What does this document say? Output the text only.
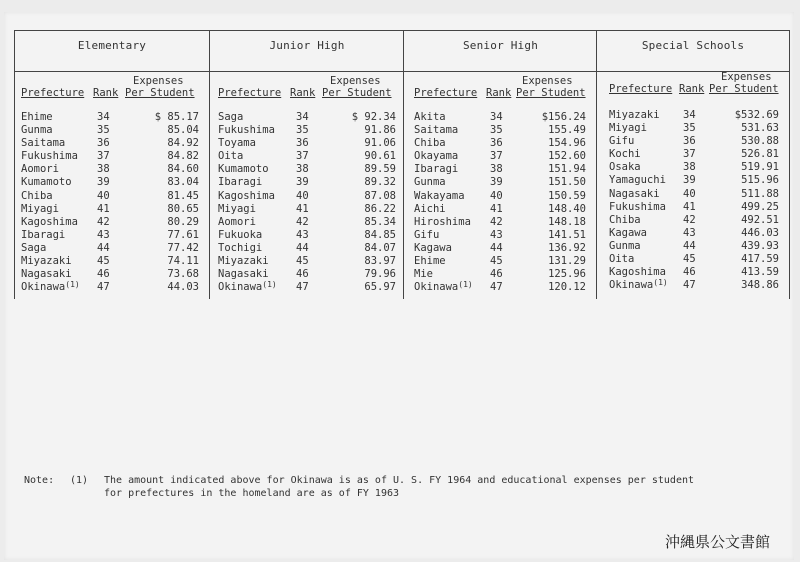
Elementary
Expenses
Prefecture Rank Per Student
Ehime	34	$ 85.17
Gunma	35	85.04
Saitama	36	84.92
Fukushima 37	84.82
Aomori	38	84.60
Kumamoto 39	83.04
Chiba	40	81.45
Miyagi	41	80.65
Kagoshima 42	80.29
Ibaragi	43	77.61
Saga	44	77.42
Miyazaki 45	74.11
Nagasaki 46	73.68
Okinawa$^{(1)}$ 47	44.03
Junior High
Expenses
Prefecture Rank Per Student
Saga	34	$ 92.34
Fukushima 35	91.86
Toyama	36	91.06
Oita	37	90.61
Kumamoto	38	89.59
Ibaragi	39	89.32
Kagoshima 40	87.08
Miyagi	41	86.22
Aomori	42	85.34
Fukuoka	43	84.85
Tochigi	44	84.07
Miyazaki	45	83.97
Nagasaki	46	79.96
Okinawa$^{(1)}$ 47	65.97
Senior High
Expenses
Prefecture Rank Per Student
Akita	34	$156.24
Saitama	35	155.49
Chiba	36	154.96
Okayama	37	152.60
Ibaragi	38	151.94
Gunma	39	151.50
Wakayama 40	150.59
Aichi	41	148.40
Hiroshima 42	148.18
Gifu	43	141.51
Kagawa	44	136.92
Ehime	45	131.29
Mie	46	125.96
Okinawa$^{(1)}$ 47	120.12
Special Schools
Expenses
Prefecture Rank Per Student
Miyazaki 34	$532.69
Miyagi	35	531.63
Gifu	36	530.88
Kochi	37	526.81
Osaka	38	519.91
Yamaguchi 39	515.96
Nagasaki 40	511.88
Fukushima 41	499.25
Chiba	42	492.51
Kagawa	43	446.03
Gunma	44	439.93
Oita	45	417.59
Kagoshima 46	413.59
Okinawa$^{(1)}$ 47	348.86
Note: (1) The amount indicated above for Okinawa is as of U. S. FY 1964 and educational expenses per student
for prefectures in the homeland are as of FY 1963
沖縄県公文書館
